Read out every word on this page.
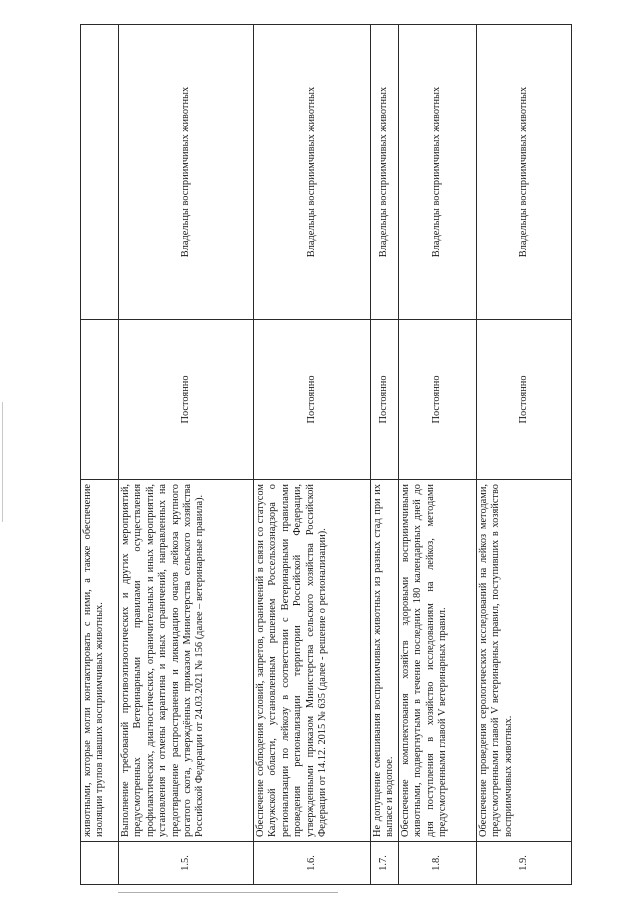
	животными, которые могли контактировать с ними, а также обеспечение изоляции трупов павших восприимчивых животных.		
1.5.	Выполнение требований противоэпизоотических и других мероприятий, предусмотренных Ветеринарными правилами осуществления профилактических, диагностических, ограничительных и иных мероприятий, установления и отмены карантина и иных ограничений, направленных на предотвращение распространения и ликвидацию очагов лейкоза крупного рогатого скота, утверждённых приказом Министерства сельского хозяйства Российской Федерации от 24.03.2021 № 156 (далее – ветеринарные правила).	Постоянно	Владельцы восприимчивых животных
1.6.	Обеспечение соблюдения условий, запретов, ограничений в связи со статусом Калужской области, установленным решением Россельхознадзора о регионализации по лейкозу в соответствии с Ветеринарными правилами проведения регионализации территории Российской Федерации, утвержденными приказом Министерства сельского хозяйства Российской Федерации от 14.12. 2015 № 635 (далее - решение о регионализации).	Постоянно	Владельцы восприимчивых животных
1.7.	Не допущение смешивания восприимчивых животных из разных стад при их выпасе и водопое.	Постоянно	Владельцы восприимчивых животных
1.8.	Обеспечение комплектования хозяйств здоровыми восприимчивыми животными, подвергнутыми в течение последних 180 календарных дней до дня поступления в хозяйство исследованиям на лейкоз, методами предусмотренными главой V ветеринарных правил.	Постоянно	Владельцы восприимчивых животных
1.9.	Обеспечение проведения серологических исследований на лейкоз методами, предусмотренными главой V ветеринарных правил, поступивших в хозяйство восприимчивых животных.	Постоянно	Владельцы восприимчивых животных
